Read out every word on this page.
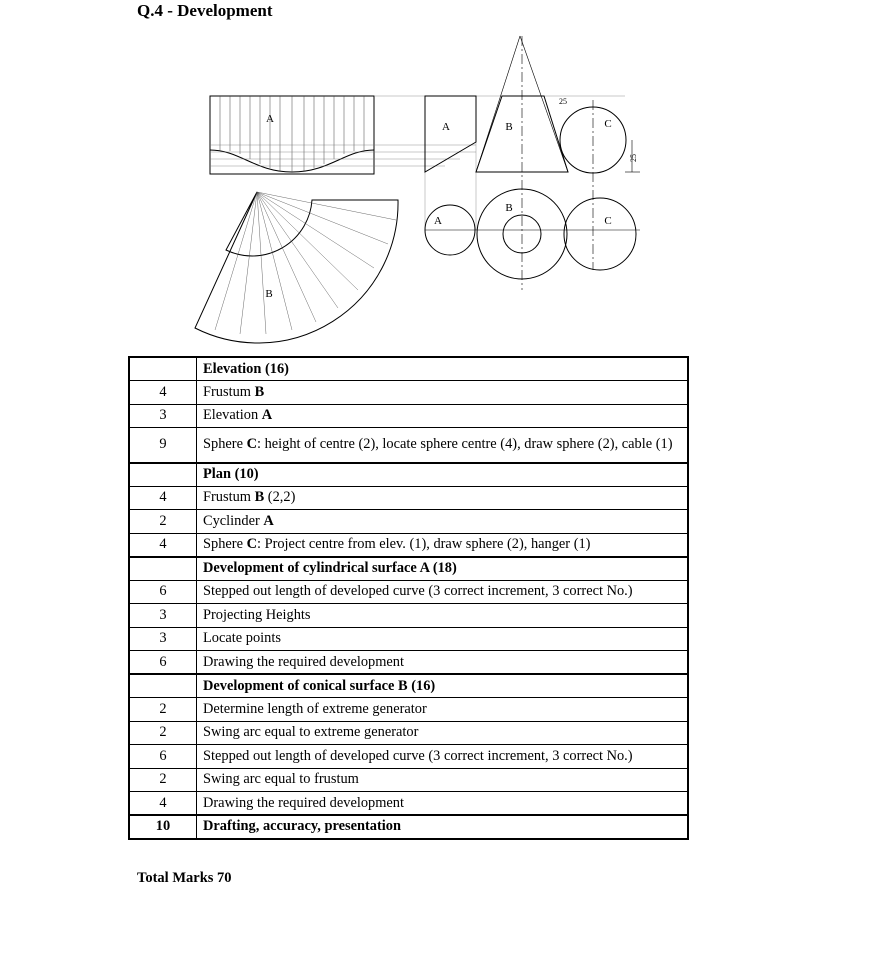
Q.4 - Development
A
A	B	C
A
B
C
B
25
25
	Elevation (16)
4	Frustum B
3	Elevation A
9	Sphere C: height of centre (2), locate sphere centre (4), draw sphere (2), cable (1)
	Plan (10)
4	Frustum B (2,2)
2	Cyclinder A
4	Sphere C: Project centre from elev. (1), draw sphere (2), hanger (1)
	Development of cylindrical surface A (18)
6	Stepped out length of developed curve (3 correct increment, 3 correct No.)
3	Projecting Heights
3	Locate points
6	Drawing the required development
	Development of conical surface B (16)
2	Determine length of extreme generator
2	Swing arc equal to extreme generator
6	Stepped out length of developed curve (3 correct increment, 3 correct No.)
2	Swing arc equal to frustum
4	Drawing the required development
10	Drafting, accuracy, presentation
Total Marks 70
